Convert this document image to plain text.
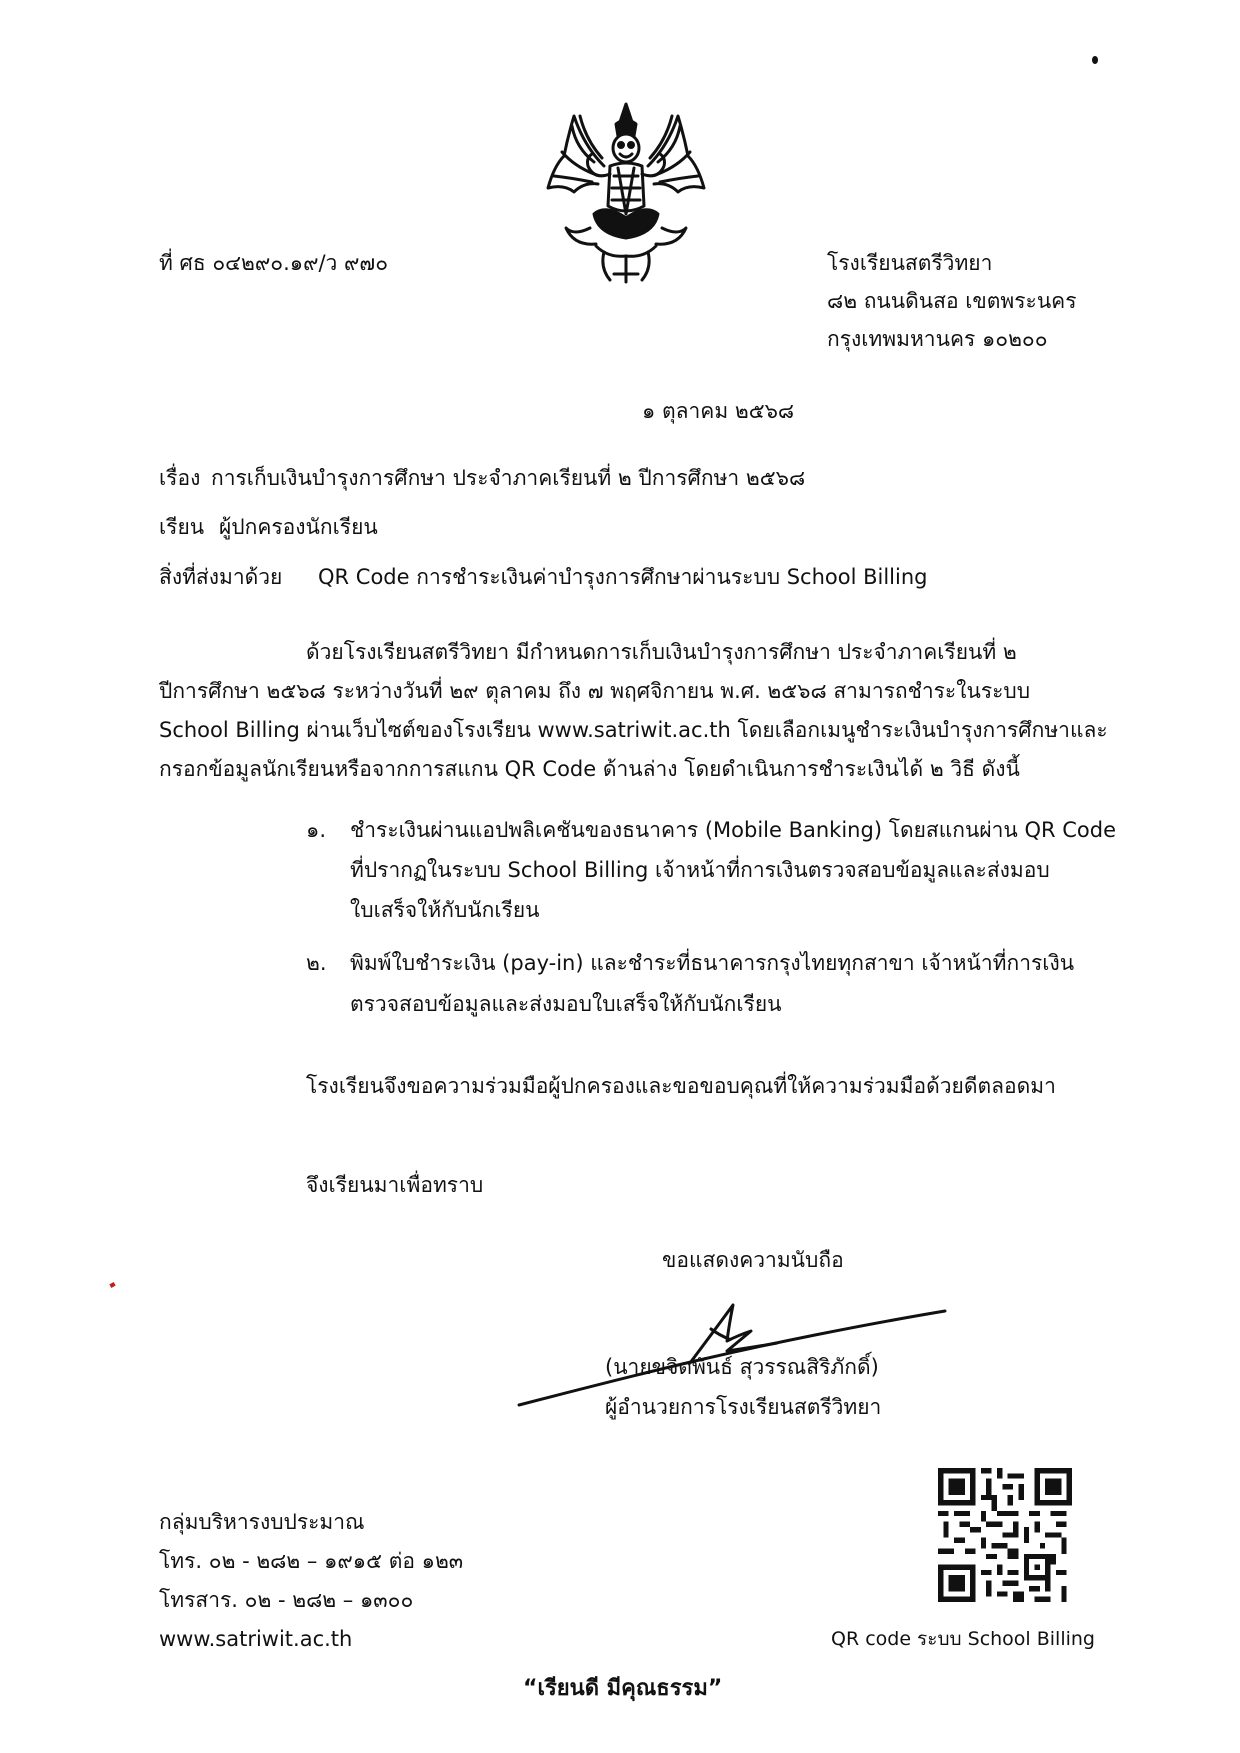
ที่ ศธ ๐๔๒๙๐.๑๙/ว ๙๗๐	โรงเรียนสตรีวิทยา
๘๒ ถนนดินสอ เขตพระนคร
กรุงเทพมหานคร ๑๐๒๐๐
๑ ตุลาคม ๒๕๖๘
เรื่อง การเก็บเงินบำรุงการศึกษา ประจำภาคเรียนที่ ๒ ปีการศึกษา ๒๕๖๘
เรียน ผู้ปกครองนักเรียน
สิ่งที่ส่งมาด้วย QR Code การชำระเงินค่าบำรุงการศึกษาผ่านระบบ School Billing
ด้วยโรงเรียนสตรีวิทยา มีกำหนดการเก็บเงินบำรุงการศึกษา ประจำภาคเรียนที่ ๒
ปีการศึกษา ๒๕๖๘ ระหว่างวันที่ ๒๙ ตุลาคม ถึง ๗ พฤศจิกายน พ.ศ. ๒๕๖๘ สามารถชำระในระบบ
School Billing ผ่านเว็บไซต์ของโรงเรียน www.satriwit.ac.th โดยเลือกเมนูชำระเงินบำรุงการศึกษาและ
กรอกข้อมูลนักเรียนหรือจากการสแกน QR Code ด้านล่าง โดยดำเนินการชำระเงินได้ ๒ วิธี ดังนี้
๑. ชำระเงินผ่านแอปพลิเคชันของธนาคาร (Mobile Banking) โดยสแกนผ่าน QR Code
ที่ปรากฏในระบบ School Billing เจ้าหน้าที่การเงินตรวจสอบข้อมูลและส่งมอบ
ใบเสร็จให้กับนักเรียน
๒. พิมพ์ใบชำระเงิน (pay-in) และชำระที่ธนาคารกรุงไทยทุกสาขา เจ้าหน้าที่การเงิน
ตรวจสอบข้อมูลและส่งมอบใบเสร็จให้กับนักเรียน
โรงเรียนจึงขอความร่วมมือผู้ปกครองและขอขอบคุณที่ให้ความร่วมมือด้วยดีตลอดมา
จึงเรียนมาเพื่อทราบ
ขอแสดงความนับถือ
(นายขจิตพันธ์ สุวรรณสิริภักดิ์)
ผู้อำนวยการโรงเรียนสตรีวิทยา
กลุ่มบริหารงบประมาณ
โทร. ๐๒ - ๒๘๒ – ๑๙๑๕ ต่อ ๑๒๓
โทรสาร. ๐๒ - ๒๘๒ – ๑๓๐๐
www.satriwit.ac.th	QR code ระบบ School Billing
“เรียนดี มีคุณธรรม”
